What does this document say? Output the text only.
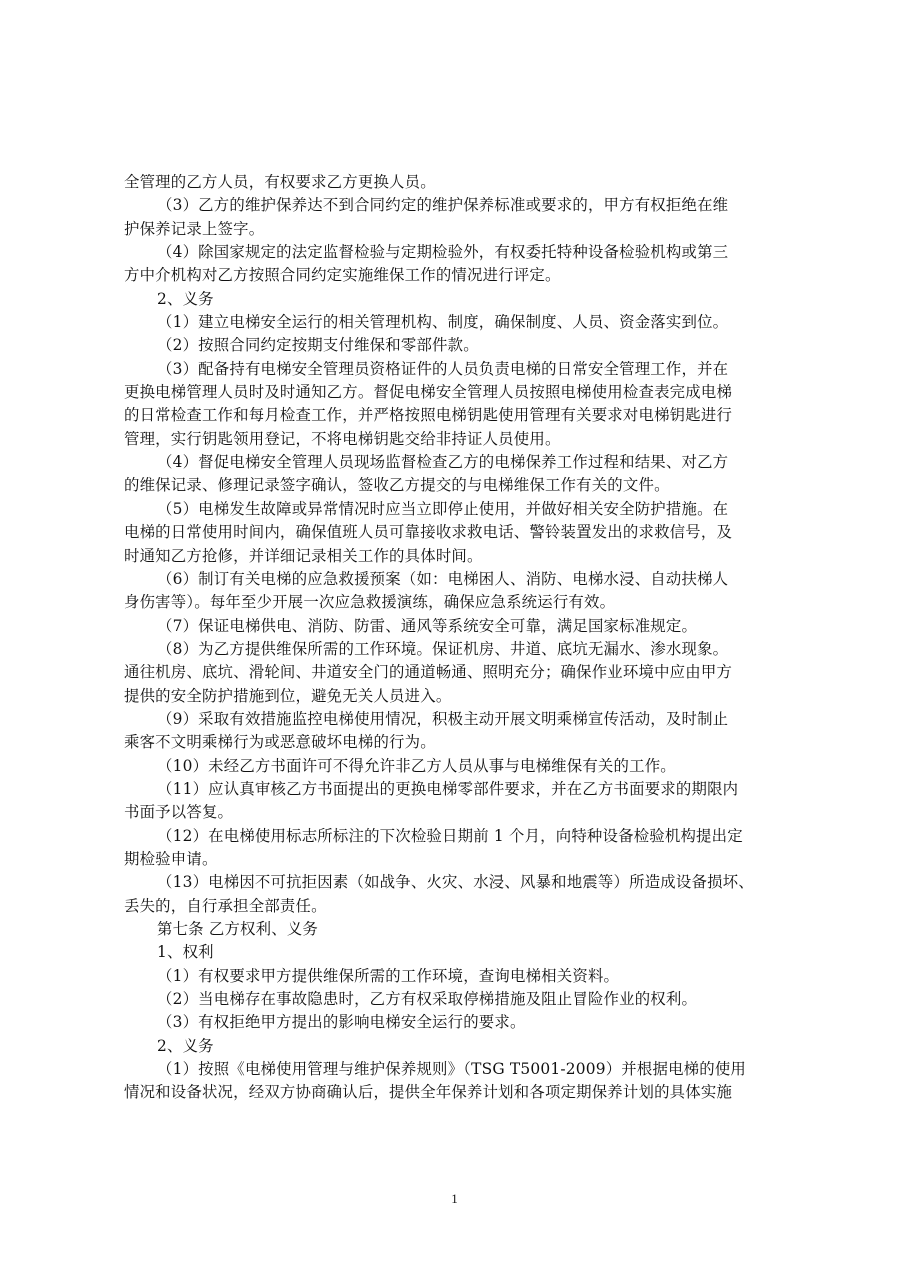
全管理的乙方人员，有权要求乙方更换人员。
（3）乙方的维护保养达不到合同约定的维护保养标准或要求的，甲方有权拒绝在维
护保养记录上签字。
（4）除国家规定的法定监督检验与定期检验外，有权委托特种设备检验机构或第三
方中介机构对乙方按照合同约定实施维保工作的情况进行评定。
2、义务
（1）建立电梯安全运行的相关管理机构、制度，确保制度、人员、资金落实到位。
（2）按照合同约定按期支付维保和零部件款。
（3）配备持有电梯安全管理员资格证件的人员负责电梯的日常安全管理工作，并在
更换电梯管理人员时及时通知乙方。督促电梯安全管理人员按照电梯使用检查表完成电梯
的日常检查工作和每月检查工作，并严格按照电梯钥匙使用管理有关要求对电梯钥匙进行
管理，实行钥匙领用登记，不将电梯钥匙交给非持证人员使用。
（4）督促电梯安全管理人员现场监督检查乙方的电梯保养工作过程和结果、对乙方
的维保记录、修理记录签字确认，签收乙方提交的与电梯维保工作有关的文件。
（5）电梯发生故障或异常情况时应当立即停止使用，并做好相关安全防护措施。在
电梯的日常使用时间内，确保值班人员可靠接收求救电话、警铃装置发出的求救信号，及
时通知乙方抢修，并详细记录相关工作的具体时间。
（6）制订有关电梯的应急救援预案（如：电梯困人、消防、电梯水浸、自动扶梯人
身伤害等）。每年至少开展一次应急救援演练，确保应急系统运行有效。
（7）保证电梯供电、消防、防雷、通风等系统安全可靠，满足国家标准规定。
（8）为乙方提供维保所需的工作环境。保证机房、井道、底坑无漏水、渗水现象。
通往机房、底坑、滑轮间、井道安全门的通道畅通、照明充分；确保作业环境中应由甲方
提供的安全防护措施到位，避免无关人员进入。
（9）采取有效措施监控电梯使用情况，积极主动开展文明乘梯宣传活动，及时制止
乘客不文明乘梯行为或恶意破坏电梯的行为。
（10）未经乙方书面许可不得允许非乙方人员从事与电梯维保有关的工作。
（11）应认真审核乙方书面提出的更换电梯零部件要求，并在乙方书面要求的期限内
书面予以答复。
（12）在电梯使用标志所标注的下次检验日期前 1 个月，向特种设备检验机构提出定
期检验申请。
（13）电梯因不可抗拒因素（如战争、火灾、水浸、风暴和地震等）所造成设备损坏、
丢失的，自行承担全部责任。
第七条 乙方权利、义务
1、权利
（1）有权要求甲方提供维保所需的工作环境，查询电梯相关资料。
（2）当电梯存在事故隐患时，乙方有权采取停梯措施及阻止冒险作业的权利。
（3）有权拒绝甲方提出的影响电梯安全运行的要求。
2、义务
（1）按照《电梯使用管理与维护保养规则》（TSG T5001-2009）并根据电梯的使用
情况和设备状况，经双方协商确认后，提供全年保养计划和各项定期保养计划的具体实施
1
